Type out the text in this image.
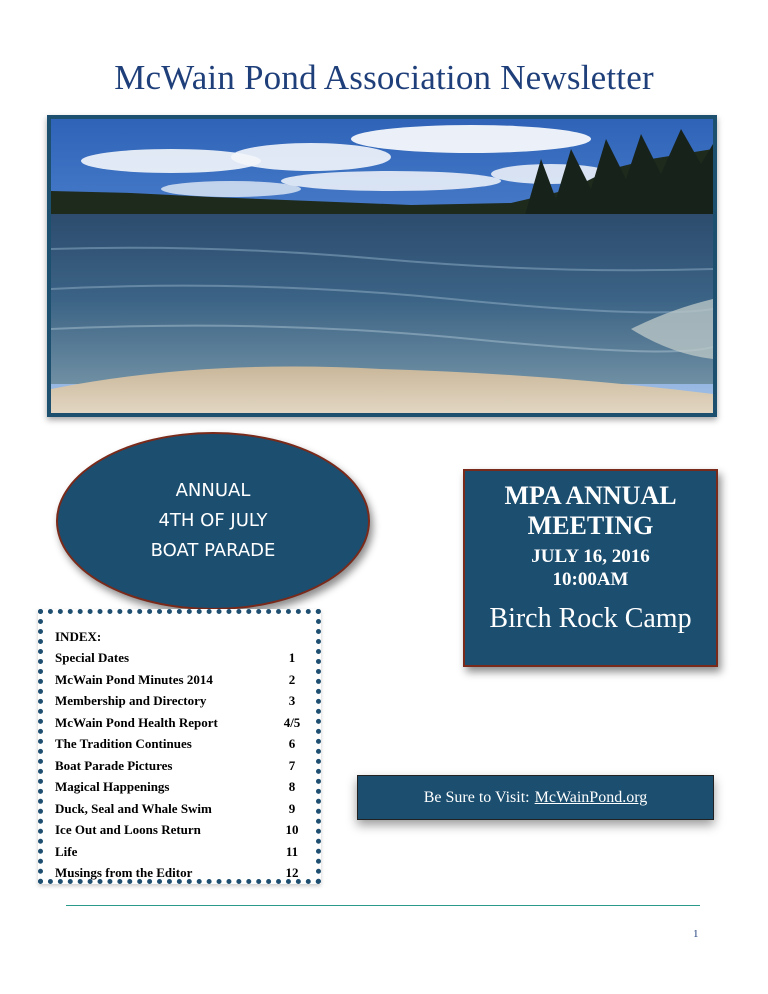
McWain Pond Association Newsletter
ANNUAL
4TH OF JULY
BOAT PARADE
MPA ANNUAL
MEETING
JULY 16, 2016
10:00AM
Birch Rock Camp
INDEX:
Special Dates	1
McWain Pond Minutes 2014	2
Membership and Directory	3
McWain Pond Health Report	4/5
The Tradition Continues	6
Boat Parade Pictures	7
Magical Happenings	8
Duck, Seal and Whale Swim	9
Ice Out and Loons Return	10
Life	11
Musings from the Editor	12
Be Sure to Visit: McWainPond.org
1
